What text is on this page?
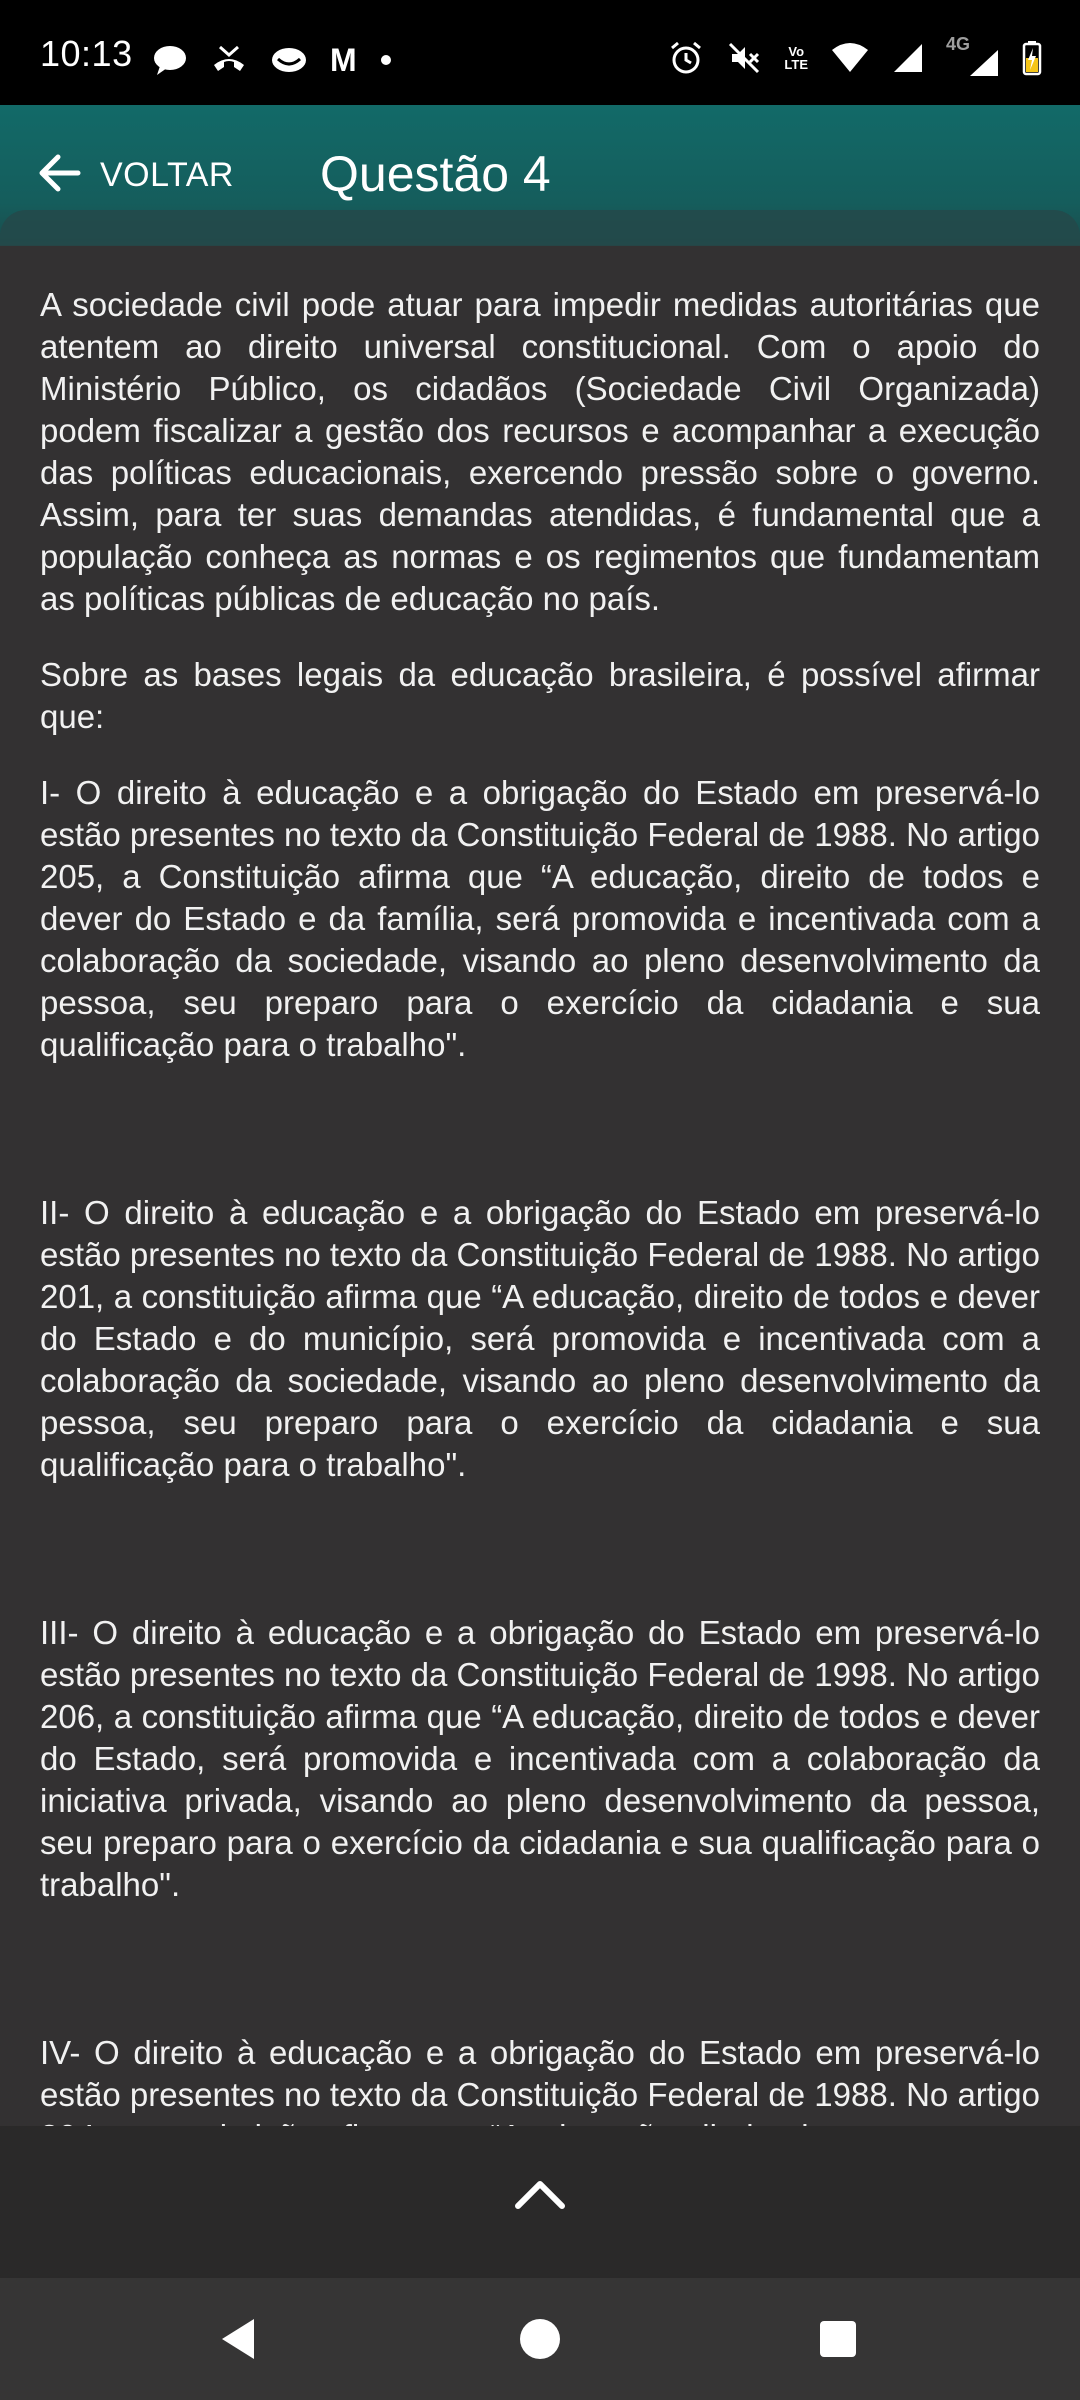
10:13	M	Vo
LTE
4G
VOLTAR Questão 4

A sociedade civil pode atuar para impedir medidas autoritárias que atentem ao direito universal constitucional. Com o apoio do Ministério Público, os cidadãos (Sociedade Civil Organizada) podem fiscalizar a gestão dos recursos e acompanhar a execução das políticas educacionais, exercendo pressão sobre o governo. Assim, para ter suas demandas atendidas, é fundamental que a população conheça as normas e os regimentos que fundamentam as políticas públicas de educação no país.

Sobre as bases legais da educação brasileira, é possível afirmar que:

I- O direito à educação e a obrigação do Estado em preservá-lo estão presentes no texto da Constituição Federal de 1988. No artigo 205, a Constituição afirma que “A educação, direito de todos e dever do Estado e da família, será promovida e incentivada com a colaboração da sociedade, visando ao pleno desenvolvimento da pessoa, seu preparo para o exercício da cidadania e sua qualificação para o trabalho".

II- O direito à educação e a obrigação do Estado em preservá-lo estão presentes no texto da Constituição Federal de 1988. No artigo 201, a constituição afirma que “A educação, direito de todos e dever do Estado e do município, será promovida e incentivada com a colaboração da sociedade, visando ao pleno desenvolvimento da pessoa, seu preparo para o exercício da cidadania e sua qualificação para o trabalho".

III- O direito à educação e a obrigação do Estado em preservá-lo estão presentes no texto da Constituição Federal de 1998. No artigo 206, a constituição afirma que “A educação, direito de todos e dever do Estado, será promovida e incentivada com a colaboração da iniciativa privada, visando ao pleno desenvolvimento da pessoa, seu preparo para o exercício da cidadania e sua qualificação para o trabalho".

IV- O direito à educação e a obrigação do Estado em preservá-lo estão presentes no texto da Constituição Federal de 1988. No artigo
